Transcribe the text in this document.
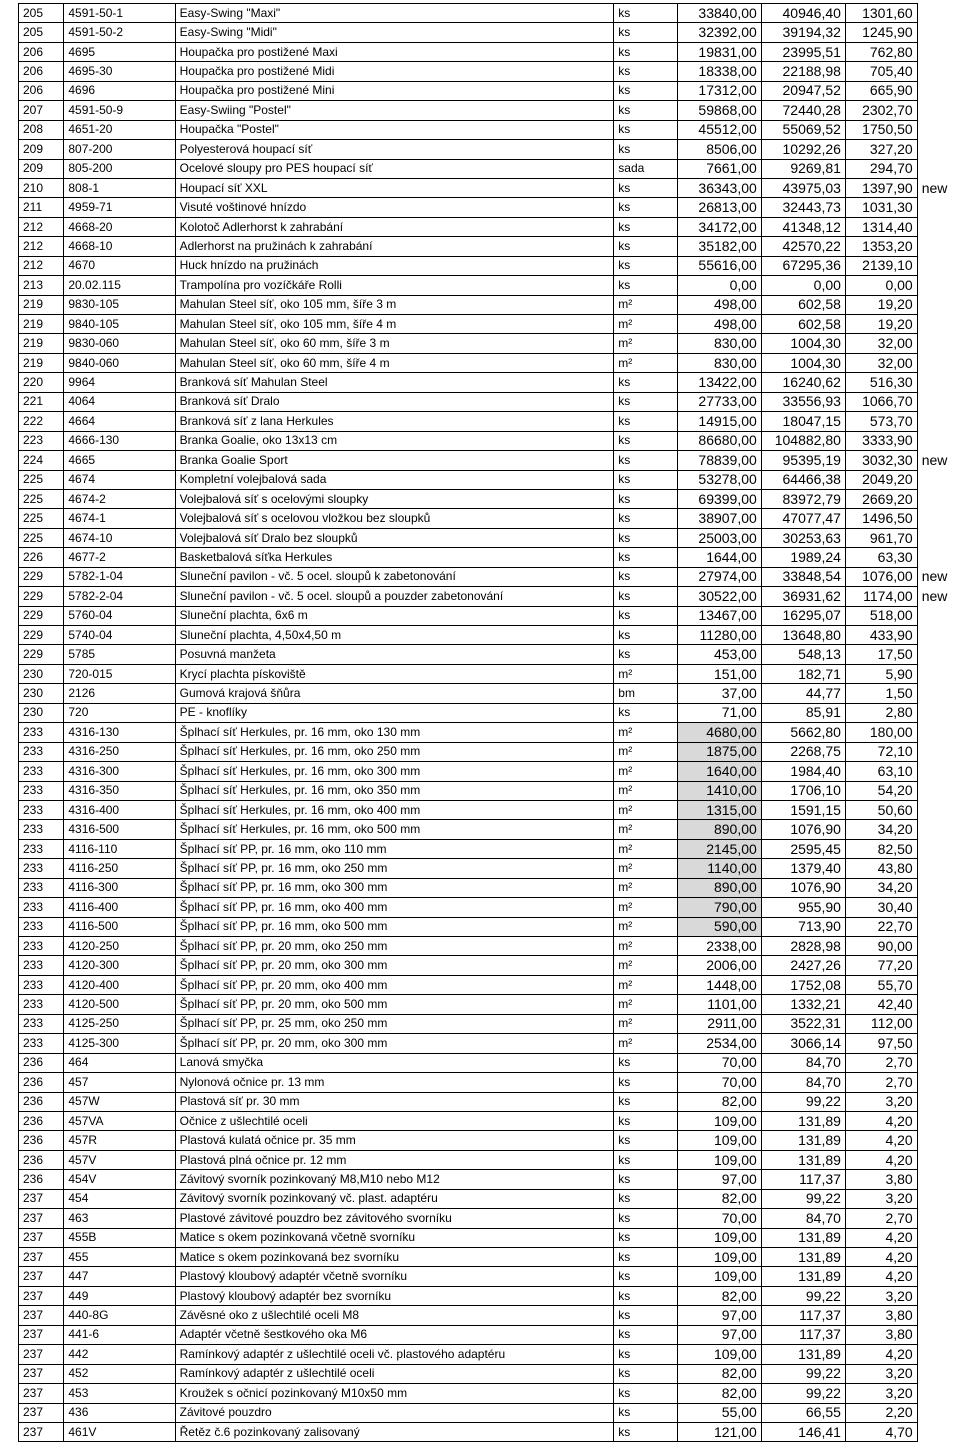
205	4591-50-1	Easy-Swing "Maxi"	ks	33840,00	40946,40	1301,60	
205	4591-50-2	Easy-Swing "Midi"	ks	32392,00	39194,32	1245,90	
206	4695	Houpačka pro postižené Maxi	ks	19831,00	23995,51	762,80	
206	4695-30	Houpačka pro postižené Midi	ks	18338,00	22188,98	705,40	
206	4696	Houpačka pro postižené Mini	ks	17312,00	20947,52	665,90	
207	4591-50-9	Easy-Swiing "Postel"	ks	59868,00	72440,28	2302,70	
208	4651-20	Houpačka "Postel"	ks	45512,00	55069,52	1750,50	
209	807-200	Polyesterová houpací síť	ks	8506,00	10292,26	327,20	
209	805-200	Ocelové sloupy pro PES houpací síť	sada	7661,00	9269,81	294,70	
210	808-1	Houpací síť XXL	ks	36343,00	43975,03	1397,90	new
211	4959-71	Visuté voštinové hnízdo	ks	26813,00	32443,73	1031,30	
212	4668-20	Kolotoč Adlerhorst k zahrabání	ks	34172,00	41348,12	1314,40	
212	4668-10	Adlerhorst na pružinách k zahrabání	ks	35182,00	42570,22	1353,20	
212	4670	Huck hnízdo na pružinách	ks	55616,00	67295,36	2139,10	
213	20.02.115	Trampolína pro vozíčkáře Rolli	ks	0,00	0,00	0,00	
219	9830-105	Mahulan Steel síť, oko 105 mm, šíře 3 m	m²	498,00	602,58	19,20	
219	9840-105	Mahulan Steel síť, oko 105 mm, šíře 4 m	m²	498,00	602,58	19,20	
219	9830-060	Mahulan Steel síť, oko 60 mm, šíře 3 m	m²	830,00	1004,30	32,00	
219	9840-060	Mahulan Steel síť, oko 60 mm, šíře 4 m	m²	830,00	1004,30	32,00	
220	9964	Branková síť Mahulan Steel	ks	13422,00	16240,62	516,30	
221	4064	Branková síť Dralo	ks	27733,00	33556,93	1066,70	
222	4664	Branková síť z lana Herkules	ks	14915,00	18047,15	573,70	
223	4666-130	Branka Goalie, oko 13x13 cm	ks	86680,00	104882,80	3333,90	
224	4665	Branka Goalie Sport	ks	78839,00	95395,19	3032,30	new
225	4674	Kompletní volejbalová sada	ks	53278,00	64466,38	2049,20	
225	4674-2	Volejbalová síť s ocelovými sloupky	ks	69399,00	83972,79	2669,20	
225	4674-1	Volejbalová síť s ocelovou vložkou bez sloupků	ks	38907,00	47077,47	1496,50	
225	4674-10	Volejbalová síť Dralo bez sloupků	ks	25003,00	30253,63	961,70	
226	4677-2	Basketbalová síťka Herkules	ks	1644,00	1989,24	63,30	
229	5782-1-04	Sluneční pavilon - vč. 5 ocel. sloupů k zabetonování	ks	27974,00	33848,54	1076,00	new
229	5782-2-04	Sluneční pavilon - vč. 5 ocel. sloupů a pouzder zabetonování	ks	30522,00	36931,62	1174,00	new
229	5760-04	Sluneční plachta, 6x6 m	ks	13467,00	16295,07	518,00	
229	5740-04	Sluneční plachta, 4,50x4,50 m	ks	11280,00	13648,80	433,90	
229	5785	Posuvná manžeta	ks	453,00	548,13	17,50	
230	720-015	Krycí plachta pískoviště	m²	151,00	182,71	5,90	
230	2126	Gumová krajová šňůra	bm	37,00	44,77	1,50	
230	720	PE - knoflíky	ks	71,00	85,91	2,80	
233	4316-130	Šplhací síť Herkules, pr. 16 mm, oko 130 mm	m²	4680,00	5662,80	180,00	
233	4316-250	Šplhací síť Herkules, pr. 16 mm, oko 250 mm	m²	1875,00	2268,75	72,10	
233	4316-300	Šplhací síť Herkules, pr. 16 mm, oko 300 mm	m²	1640,00	1984,40	63,10	
233	4316-350	Šplhací síť Herkules, pr. 16 mm, oko 350 mm	m²	1410,00	1706,10	54,20	
233	4316-400	Šplhací síť Herkules, pr. 16 mm, oko 400 mm	m²	1315,00	1591,15	50,60	
233	4316-500	Šplhací síť Herkules, pr. 16 mm, oko 500 mm	m²	890,00	1076,90	34,20	
233	4116-110	Šplhací síť PP, pr. 16 mm, oko 110 mm	m²	2145,00	2595,45	82,50	
233	4116-250	Šplhací síť PP, pr. 16 mm, oko 250 mm	m²	1140,00	1379,40	43,80	
233	4116-300	Šplhací síť PP, pr. 16 mm, oko 300 mm	m²	890,00	1076,90	34,20	
233	4116-400	Šplhací síť PP, pr. 16 mm, oko 400 mm	m²	790,00	955,90	30,40	
233	4116-500	Šplhací síť PP, pr. 16 mm, oko 500 mm	m²	590,00	713,90	22,70	
233	4120-250	Šplhací síť PP, pr. 20 mm, oko 250 mm	m²	2338,00	2828,98	90,00	
233	4120-300	Šplhací síť PP, pr. 20 mm, oko 300 mm	m²	2006,00	2427,26	77,20	
233	4120-400	Šplhací síť PP, pr. 20 mm, oko 400 mm	m²	1448,00	1752,08	55,70	
233	4120-500	Šplhací síť PP, pr. 20 mm, oko 500 mm	m²	1101,00	1332,21	42,40	
233	4125-250	Šplhací síť PP, pr. 25 mm, oko 250 mm	m²	2911,00	3522,31	112,00	
233	4125-300	Šplhací síť PP, pr. 20 mm, oko 300 mm	m²	2534,00	3066,14	97,50	
236	464	Lanová smyčka	ks	70,00	84,70	2,70	
236	457	Nylonová očnice pr. 13 mm	ks	70,00	84,70	2,70	
236	457W	Plastová síť pr. 30 mm	ks	82,00	99,22	3,20	
236	457VA	Očnice z ušlechtilé oceli	ks	109,00	131,89	4,20	
236	457R	Plastová kulatá očnice pr. 35 mm	ks	109,00	131,89	4,20	
236	457V	Plastová plná očnice pr. 12 mm	ks	109,00	131,89	4,20	
236	454V	Závitový svorník pozinkovaný M8,M10 nebo M12	ks	97,00	117,37	3,80	
237	454	Závitový svorník pozinkovaný vč. plast. adaptéru	ks	82,00	99,22	3,20	
237	463	Plastové závitové pouzdro bez závitového svorníku	ks	70,00	84,70	2,70	
237	455B	Matice s okem pozinkovaná včetně svorníku	ks	109,00	131,89	4,20	
237	455	Matice s okem pozinkovaná bez svorníku	ks	109,00	131,89	4,20	
237	447	Plastový kloubový adaptér včetně svorníku	ks	109,00	131,89	4,20	
237	449	Plastový kloubový adaptér bez svorníku	ks	82,00	99,22	3,20	
237	440-8G	Závěsné oko z ušlechtilé oceli M8	ks	97,00	117,37	3,80	
237	441-6	Adaptér včetně šestkového oka M6	ks	97,00	117,37	3,80	
237	442	Ramínkový adaptér z ušlechtilé oceli vč. plastového adaptéru	ks	109,00	131,89	4,20	
237	452	Ramínkový adaptér z ušlechtilé oceli	ks	82,00	99,22	3,20	
237	453	Kroužek s očnicí pozinkovaný M10x50 mm	ks	82,00	99,22	3,20	
237	436	Závitové pouzdro	ks	55,00	66,55	2,20	
237	461V	Řetěz č.6 pozinkovaný zalisovaný	ks	121,00	146,41	4,70	
